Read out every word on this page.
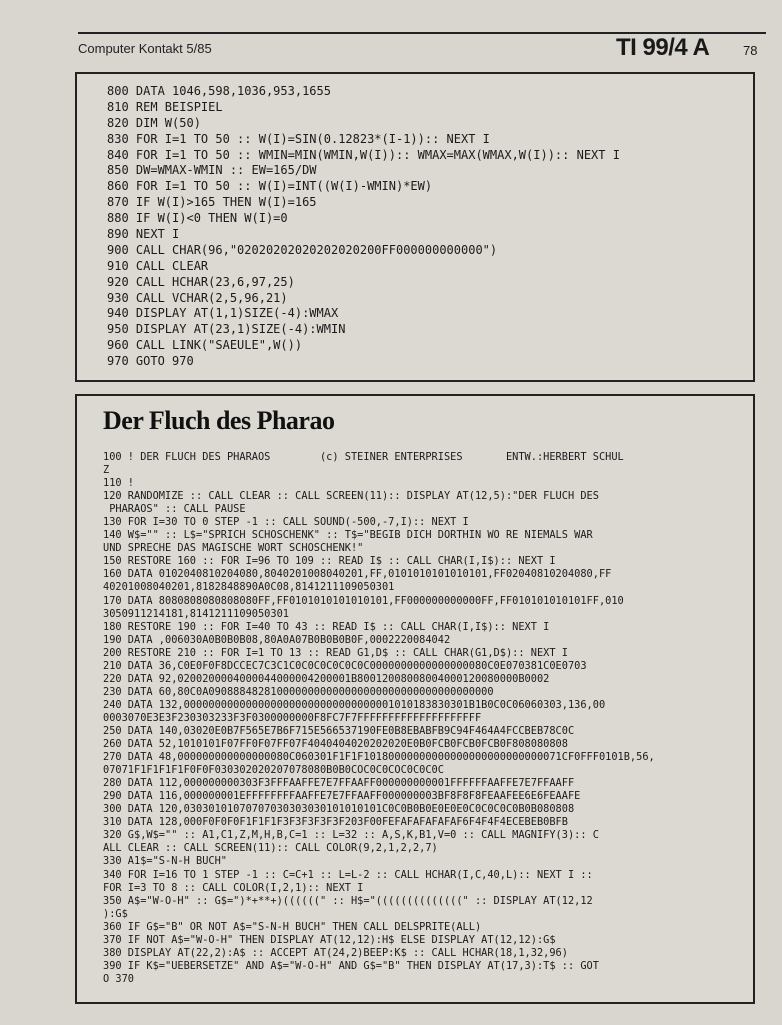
Computer Kontakt 5/85	TI 99/4 A	78
800 DATA 1046,598,1036,953,1655
810 REM BEISPIEL
820 DIM W(50)
830 FOR I=1 TO 50 :: W(I)=SIN(0.12823*(I-1)):: NEXT I
840 FOR I=1 TO 50 :: WMIN=MIN(WMIN,W(I)):: WMAX=MAX(WMAX,W(I)):: NEXT I
850 DW=WMAX-WMIN :: EW=165/DW
860 FOR I=1 TO 50 :: W(I)=INT((W(I)-WMIN)*EW)
870 IF W(I)>165 THEN W(I)=165
880 IF W(I)<0 THEN W(I)=0
890 NEXT I
900 CALL CHAR(96,"02020202020202020200FF000000000000")
910 CALL CLEAR
920 CALL HCHAR(23,6,97,25)
930 CALL VCHAR(2,5,96,21)
940 DISPLAY AT(1,1)SIZE(-4):WMAX
950 DISPLAY AT(23,1)SIZE(-4):WMIN
960 CALL LINK("SAEULE",W())
970 GOTO 970
Der Fluch des Pharao
100 ! DER FLUCH DES PHARAOS        (c) STEINER ENTERPRISES       ENTW.:HERBERT SCHUL
Z
110 !
120 RANDOMIZE :: CALL CLEAR :: CALL SCREEN(11):: DISPLAY AT(12,5):"DER FLUCH DES
PHARAOS" :: CALL PAUSE
130 FOR I=30 TO 0 STEP -1 :: CALL SOUND(-500,-7,I):: NEXT I
140 W$="" :: L$="SPRICH SCHOSCHENK" :: T$="BEGIB DICH DORTHIN WO RE NIEMALS WAR
UND SPRECHE DAS MAGISCHE WORT SCHOSCHENK!"
150 RESTORE 160 :: FOR I=96 TO 109 :: READ I$ :: CALL CHAR(I,I$):: NEXT I
160 DATA 0102040810204080,8040201008040201,FF,0101010101010101,FF02040810204080,FF
40201008040201,8182848890A0C08,8141211109050301
170 DATA 8080808080808080FF,FF0101010101010101,FF000000000000FF,FF010101010101FF,010
3050911214181,8141211109050301
180 RESTORE 190 :: FOR I=40 TO 43 :: READ I$ :: CALL CHAR(I,I$):: NEXT I
190 DATA ,006030A0B0B0B08,80A0A07B0B0B0B0F,0002220084042
200 RESTORE 210 :: FOR I=1 TO 13 :: READ G1,D$ :: CALL CHAR(G1,D$):: NEXT I
210 DATA 36,C0E0F0F8DCCEC7C3C1C0C0C0C0C0C0C0000000000000000080C0E070381C0E0703
220 DATA 92,0200200004000044000004200001B80012008008004000120080000B0002
230 DATA 60,80C0A0908884828100000000000000000000000000000000000
240 DATA 132,0000000000000000000000000000000001010183830301B1B0C0C06060303,136,00
0003070E3E3F230303233F3F0300000000F8FC7F7FFFFFFFFFFFFFFFFFFFF
250 DATA 140,03020E0B7F565E7B6F715E566537190FE0B8EBABFB9C94F464A4FCCBEB78C0C
260 DATA 52,1010101F07FF0F07FF07F4040404020202020E0B0FCB0FCB0FCB0F808080808
270 DATA 48,000000000000000080C060301F1F1F10180000000000000000000000000071CF0FFF0101B,56,
07071F1F1F1F1F0F0F030302020207078080B0B0COC0C0COC0C0C0C
280 DATA 112,000000000303F3FFFAAFFE7E7FFAAFF000000000001FFFFFFAAFFE7E7FFAAFF
290 DATA 116,000000001EFFFFFFFFAAFFE7E7FFAAFF000000003BF8F8F8FEAAFEE6E6FEAAFE
300 DATA 120,03030101070707030303030101010101C0C0B0B0E0E0E0C0C0C0C0B0B080808
310 DATA 128,000F0F0F0F1F1F1F3F3F3F3F3F203F00FEFAFAFAFAFAF6F4F4F4ECEBEB0BFB
320 G$,W$="" :: A1,C1,Z,M,H,B,C=1 :: L=32 :: A,S,K,B1,V=0 :: CALL MAGNIFY(3):: C
ALL CLEAR :: CALL SCREEN(11):: CALL COLOR(9,2,1,2,2,7)
330 A1$="S-N-H BUCH"
340 FOR I=16 TO 1 STEP -1 :: C=C+1 :: L=L-2 :: CALL HCHAR(I,C,40,L):: NEXT I ::
FOR I=3 TO 8 :: CALL COLOR(I,2,1):: NEXT I
350 A$="W-O-H" :: G$=")*+**+)((((((" :: H$="((((((((((((((" :: DISPLAY AT(12,12
):G$
360 IF G$="B" OR NOT A$="S-N-H BUCH" THEN CALL DELSPRITE(ALL)
370 IF NOT A$="W-O-H" THEN DISPLAY AT(12,12):H$ ELSE DISPLAY AT(12,12):G$
380 DISPLAY AT(22,2):A$ :: ACCEPT AT(24,2)BEEP:K$ :: CALL HCHAR(18,1,32,96)
390 IF K$="UEBERSETZE" AND A$="W-O-H" AND G$="B" THEN DISPLAY AT(17,3):T$ :: GOT
O 370
